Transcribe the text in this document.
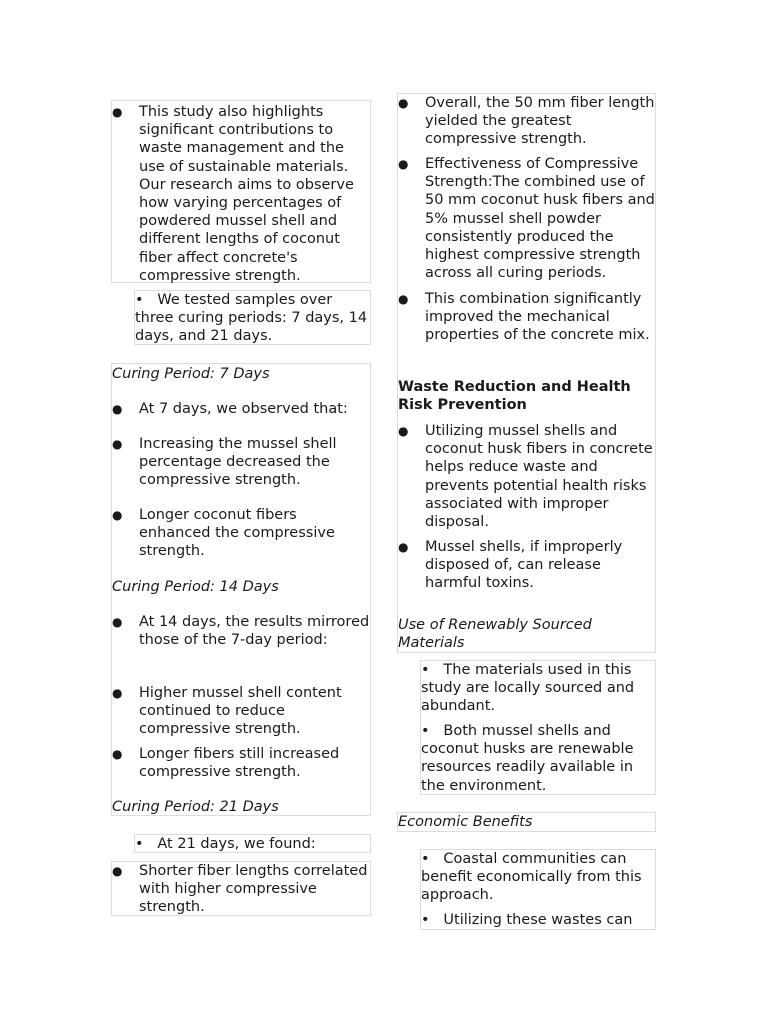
● This study also highlights significant contributions to waste management and the use of sustainable materials. Our research aims to observe how varying percentages of powdered mussel shell and different lengths of coconut fiber affect concrete's compressive strength.
• We tested samples over three curing periods: 7 days, 14 days, and 21 days.
Curing Period: 7 Days
● At 7 days, we observed that:
● Increasing the mussel shell percentage decreased the compressive strength.
● Longer coconut fibers enhanced the compressive strength.
Curing Period: 14 Days
● At 14 days, the results mirrored those of the 7-day period:
● Higher mussel shell content continued to reduce compressive strength.
● Longer fibers still increased compressive strength.
Curing Period: 21 Days
• At 21 days, we found:
● Shorter fiber lengths correlated with higher compressive strength.
● Overall, the 50 mm fiber length yielded the greatest compressive strength.
● Effectiveness of Compressive Strength:The combined use of 50 mm coconut husk fibers and 5% mussel shell powder consistently produced the highest compressive strength across all curing periods.
● This combination significantly improved the mechanical properties of the concrete mix.
Waste Reduction and Health Risk Prevention
● Utilizing mussel shells and coconut husk fibers in concrete helps reduce waste and prevents potential health risks associated with improper disposal.
● Mussel shells, if improperly disposed of, can release harmful toxins.
Use of Renewably Sourced Materials
• The materials used in this study are locally sourced and abundant.
• Both mussel shells and coconut husks are renewable resources readily available in the environment.
Economic Benefits
• Coastal communities can benefit economically from this approach.
• Utilizing these wastes can
